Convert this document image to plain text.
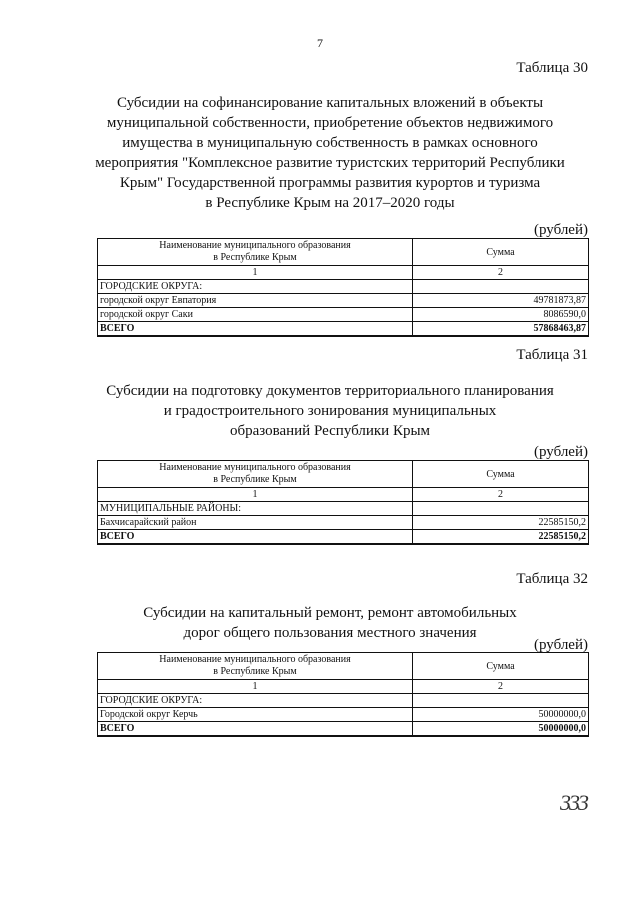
7
Таблица 30
Субсидии на софинансирование капитальных вложений в объекты
муниципальной собственности, приобретение объектов недвижимого
имущества в муниципальную собственность в рамках основного
мероприятия "Комплексное развитие туристских территорий Республики
Крым" Государственной программы развития курортов и туризма
в Республике Крым на 2017–2020 годы
(рублей)
Наименование муниципального образования
в Республике Крым	Сумма
1	2
ГОРОДСКИЕ ОКРУГА:	
городской округ Евпатория	49781873,87
городской округ Саки	8086590,0
ВСЕГО	57868463,87
Таблица 31
Субсидии на подготовку документов территориального планирования
и градостроительного зонирования муниципальных
образований Республики Крым
(рублей)
Наименование муниципального образования
в Республике Крым	Сумма
1	2
МУНИЦИПАЛЬНЫЕ РАЙОНЫ:	
Бахчисарайский район	22585150,2
ВСЕГО	22585150,2
Таблица 32
Субсидии на капитальный ремонт, ремонт автомобильных
дорог общего пользования местного значения
(рублей)
Наименование муниципального образования
в Республике Крым	Сумма
1	2
ГОРОДСКИЕ ОКРУГА:	
Городской округ Керчь	50000000,0
ВСЕГО	50000000,0
333
